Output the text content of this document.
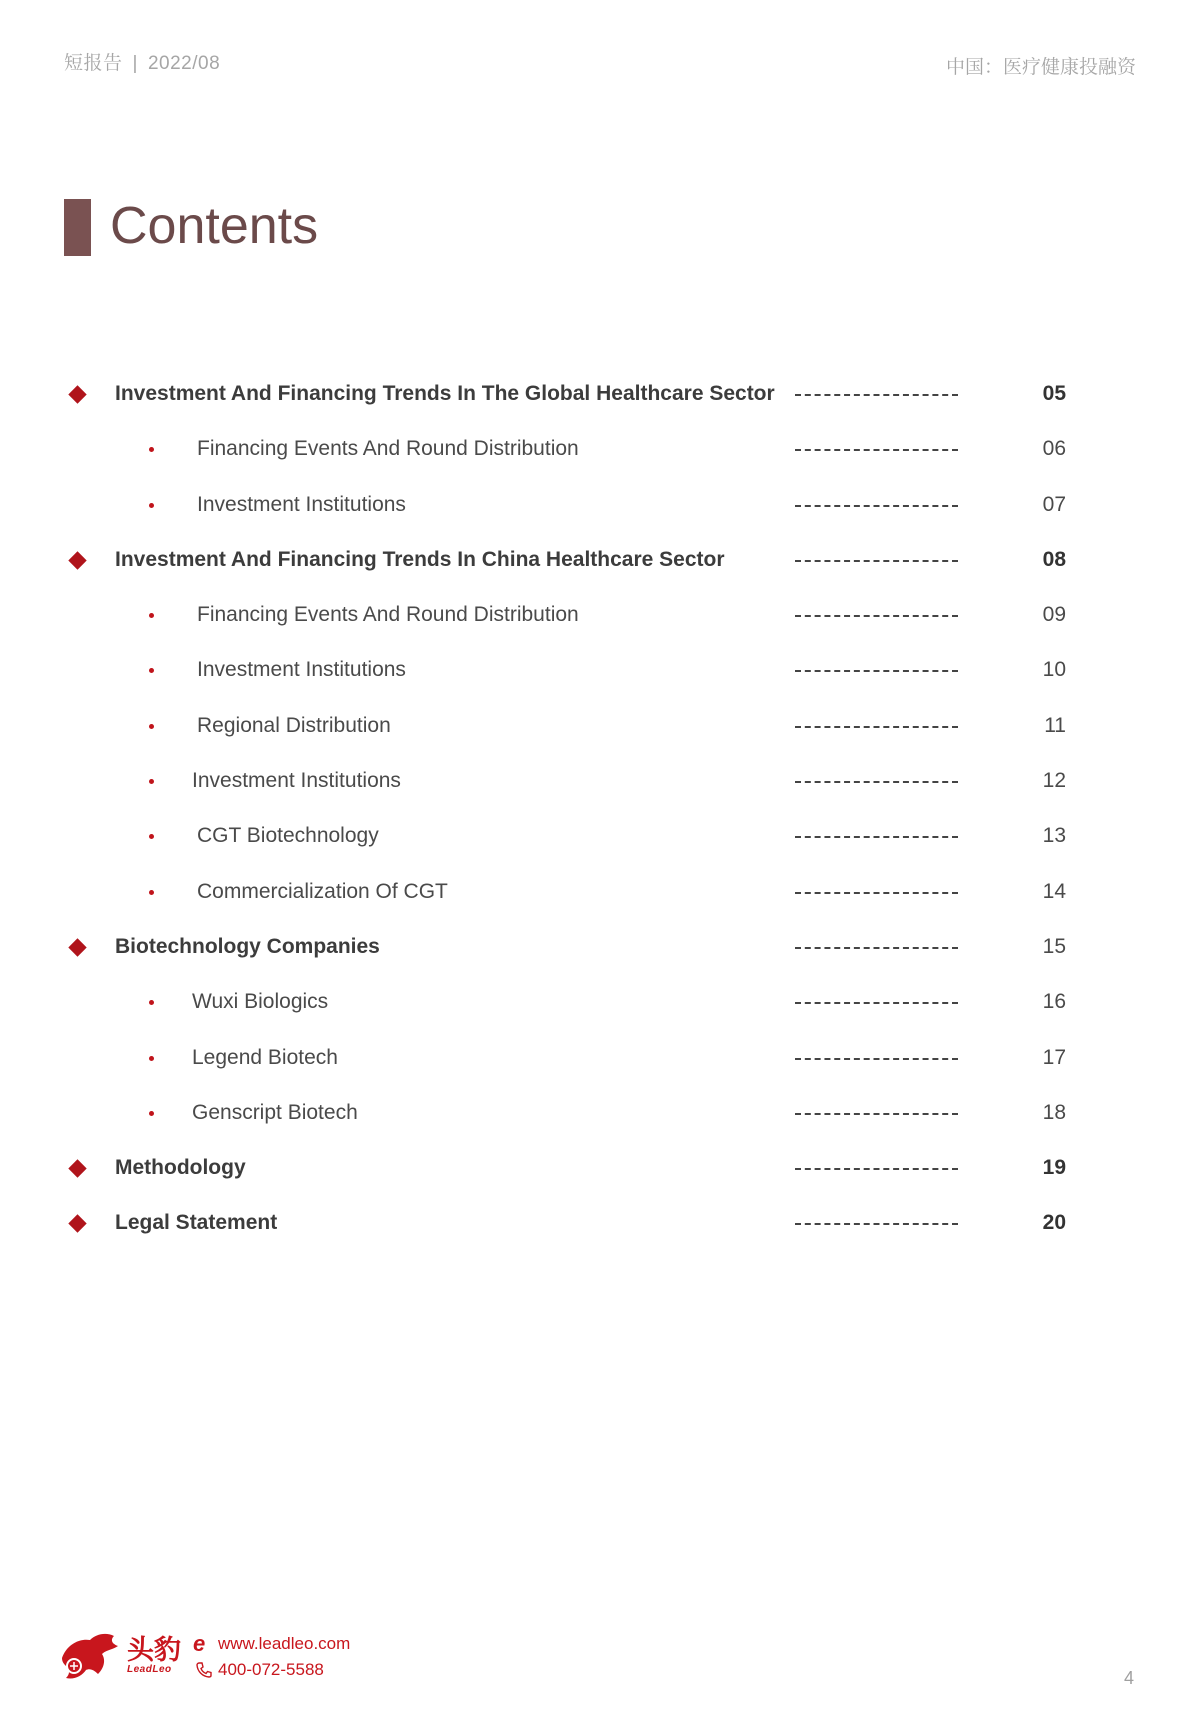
短报告 | 2022/08	中国：医疗健康投融资
Contents
Investment And Financing Trends In The Global Healthcare Sector	05
Financing Events And Round Distribution	06
Investment Institutions	07
Investment And Financing Trends In China Healthcare Sector	08
Financing Events And Round Distribution	09
Investment Institutions	10
Regional Distribution	11
Investment Institutions	12
CGT Biotechnology	13
Commercialization Of CGT	14
Biotechnology Companies	15
Wuxi Biologics	16
Legend Biotech	17
Genscript Biotech	18
Methodology	19
Legal Statement	20
头豹
LeadLeo
e www.leadleo.com
400-072-5588	4
